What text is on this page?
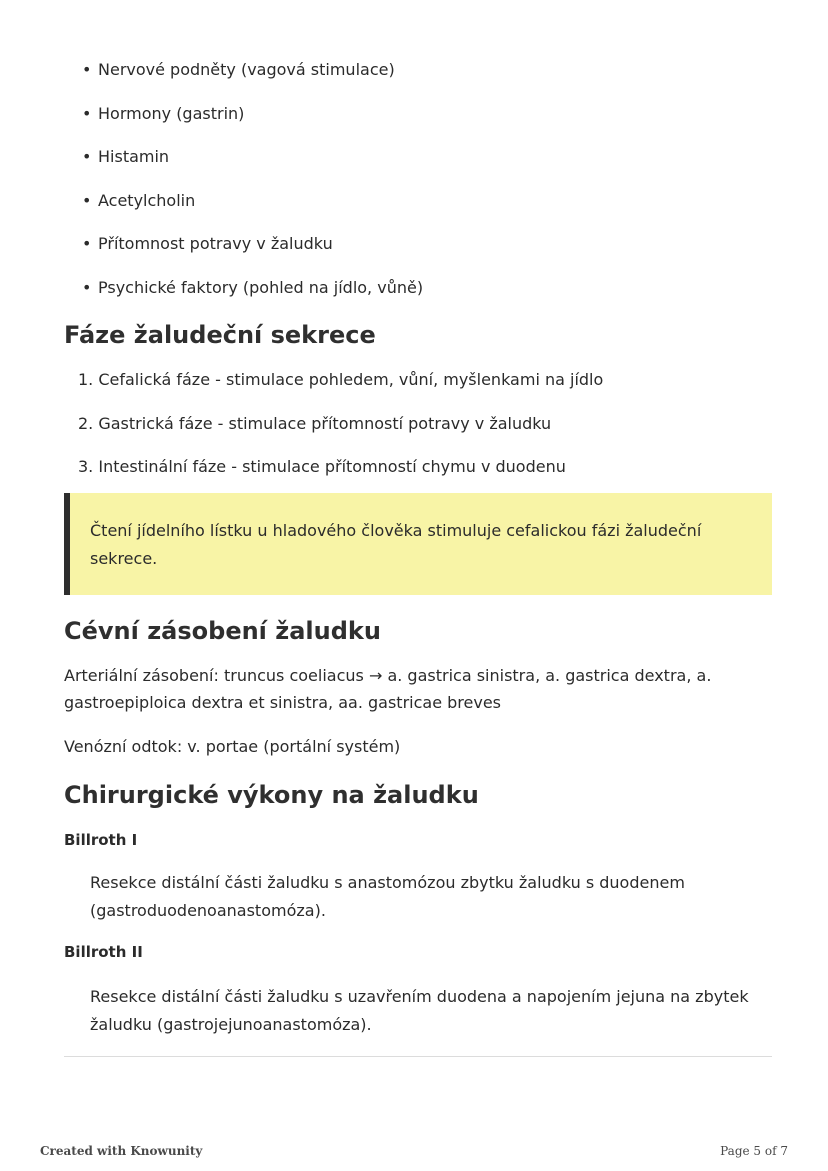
• Nervové podněty (vagová stimulace)
• Hormony (gastrin)
• Histamin
• Acetylcholin
• Přítomnost potravy v žaludku
• Psychické faktory (pohled na jídlo, vůně)
Fáze žaludeční sekrece
1. Cefalická fáze - stimulace pohledem, vůní, myšlenkami na jídlo
2. Gastrická fáze - stimulace přítomností potravy v žaludku
3. Intestinální fáze - stimulace přítomností chymu v duodenu

Čtení jídelního lístku u hladového člověka stimuluje cefalickou fázi žaludeční sekrece.

Cévní zásobení žaludku

Arteriální zásobení: truncus coeliacus → a. gastrica sinistra, a. gastrica dextra, a. gastroepiploica dextra et sinistra, aa. gastricae breves

Venózní odtok: v. portae (portální systém)

Chirurgické výkony na žaludku

Billroth I

Resekce distální části žaludku s anastomózou zbytku žaludku s duodenem (gastroduodenoanastomóza).

Billroth II

Resekce distální části žaludku s uzavřením duodena a napojením jejuna na zbytek žaludku (gastrojejunoanastomóza).

Created with Knowunity	Page 5 of 7
